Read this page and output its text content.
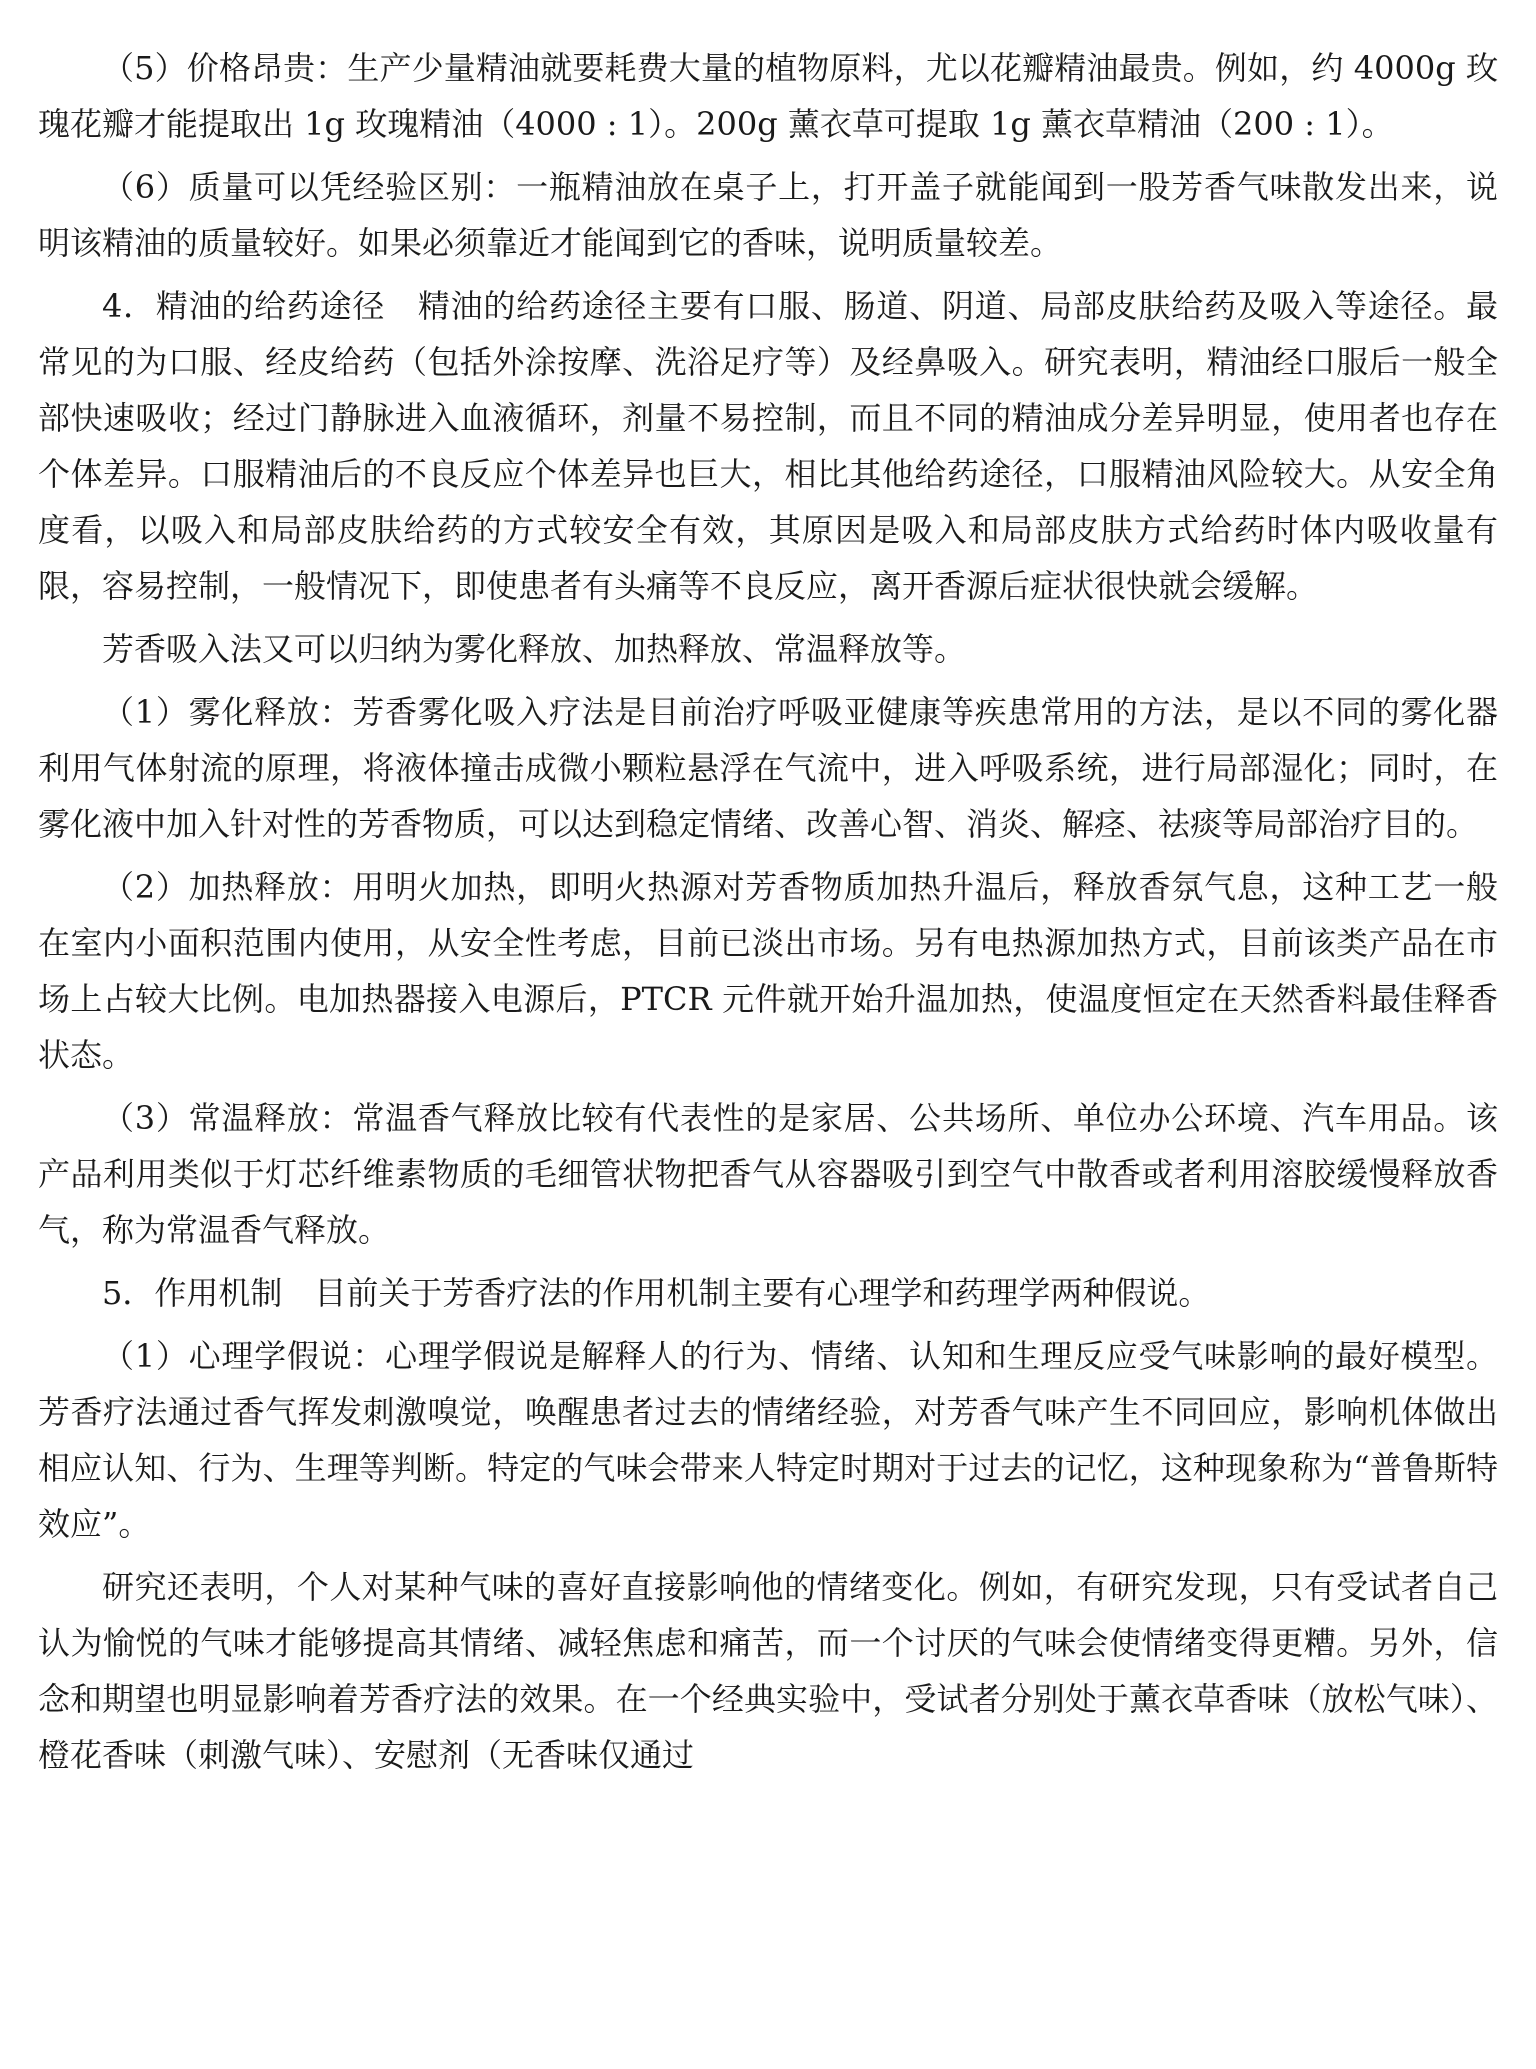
（5）价格昂贵：生产少量精油就要耗费大量的植物原料，尤以花瓣精油最贵。例如，约 4000g 玫瑰花瓣才能提取出 1g 玫瑰精油（4000 : 1）。200g 薰衣草可提取 1g 薰衣草精油（200 : 1）。

（6）质量可以凭经验区别：一瓶精油放在桌子上，打开盖子就能闻到一股芳香气味散发出来，说明该精油的质量较好。如果必须靠近才能闻到它的香味，说明质量较差。

4．精油的给药途径　精油的给药途径主要有口服、肠道、阴道、局部皮肤给药及吸入等途径。最常见的为口服、经皮给药（包括外涂按摩、洗浴足疗等）及经鼻吸入。研究表明，精油经口服后一般全部快速吸收；经过门静脉进入血液循环，剂量不易控制，而且不同的精油成分差异明显，使用者也存在个体差异。口服精油后的不良反应个体差异也巨大，相比其他给药途径，口服精油风险较大。从安全角度看，以吸入和局部皮肤给药的方式较安全有效，其原因是吸入和局部皮肤方式给药时体内吸收量有限，容易控制，一般情况下，即使患者有头痛等不良反应，离开香源后症状很快就会缓解。

芳香吸入法又可以归纳为雾化释放、加热释放、常温释放等。

（1）雾化释放：芳香雾化吸入疗法是目前治疗呼吸亚健康等疾患常用的方法，是以不同的雾化器利用气体射流的原理，将液体撞击成微小颗粒悬浮在气流中，进入呼吸系统，进行局部湿化；同时，在雾化液中加入针对性的芳香物质，可以达到稳定情绪、改善心智、消炎、解痉、祛痰等局部治疗目的。

（2）加热释放：用明火加热，即明火热源对芳香物质加热升温后，释放香氛气息，这种工艺一般在室内小面积范围内使用，从安全性考虑，目前已淡出市场。另有电热源加热方式，目前该类产品在市场上占较大比例。电加热器接入电源后，PTCR 元件就开始升温加热，使温度恒定在天然香料最佳释香状态。

（3）常温释放：常温香气释放比较有代表性的是家居、公共场所、单位办公环境、汽车用品。该产品利用类似于灯芯纤维素物质的毛细管状物把香气从容器吸引到空气中散香或者利用溶胶缓慢释放香气，称为常温香气释放。

5．作用机制　目前关于芳香疗法的作用机制主要有心理学和药理学两种假说。

（1）心理学假说：心理学假说是解释人的行为、情绪、认知和生理反应受气味影响的最好模型。芳香疗法通过香气挥发刺激嗅觉，唤醒患者过去的情绪经验，对芳香气味产生不同回应，影响机体做出相应认知、行为、生理等判断。特定的气味会带来人特定时期对于过去的记忆，这种现象称为“普鲁斯特效应”。

研究还表明，个人对某种气味的喜好直接影响他的情绪变化。例如，有研究发现，只有受试者自己认为愉悦的气味才能够提高其情绪、减轻焦虑和痛苦，而一个讨厌的气味会使情绪变得更糟。另外，信念和期望也明显影响着芳香疗法的效果。在一个经典实验中，受试者分别处于薰衣草香味（放松气味）、橙花香味（刺激气味）、安慰剂（无香味仅通过
